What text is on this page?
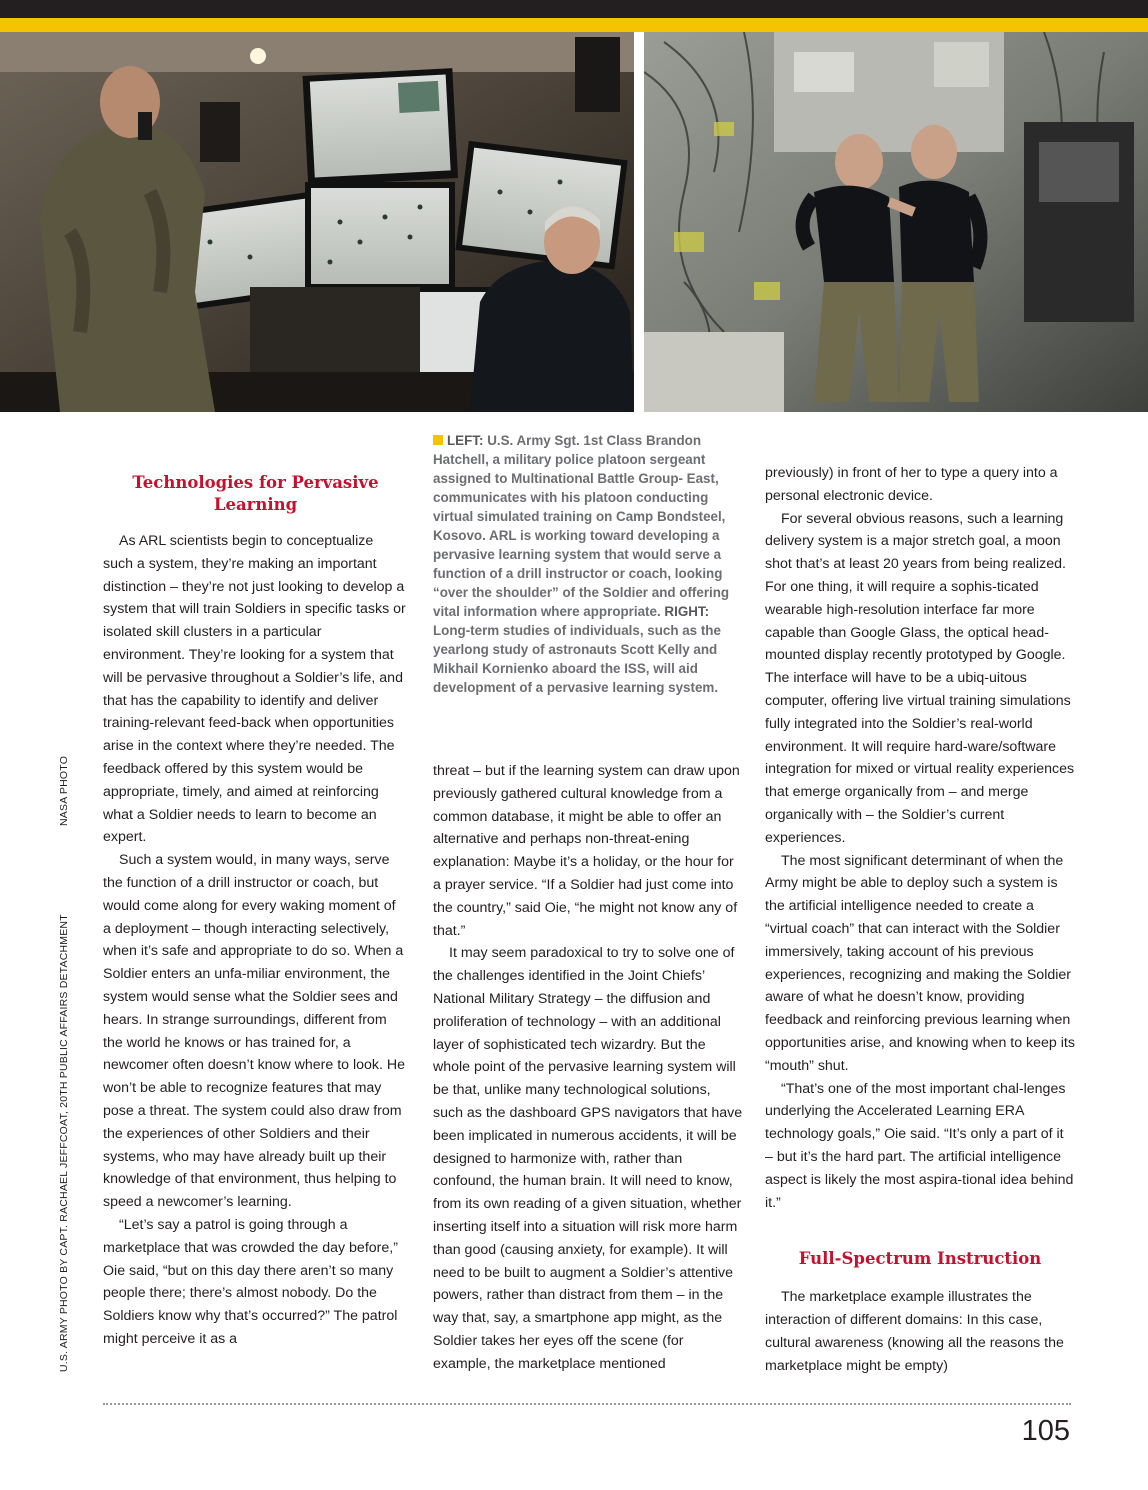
NASA PHOTO
U.S. ARMY PHOTO BY CAPT. RACHAEL JEFFCOAT, 20TH PUBLIC AFFAIRS DETACHMENT
Technologies for Pervasive Learning
LEFT: U.S. Army Sgt. 1st Class Brandon Hatchell, a military police platoon sergeant assigned to Multinational Battle Group- East, communicates with his platoon conducting virtual simulated training on Camp Bondsteel, Kosovo. ARL is working toward developing a pervasive learning system that would serve a function of a drill instructor or coach, looking “over the shoulder” of the Soldier and offering vital information where appropriate. RIGHT: Long-term studies of individuals, such as the yearlong study of astronauts Scott Kelly and Mikhail Kornienko aboard the ISS, will aid development of a pervasive learning system.

As ARL scientists begin to conceptualize such a system, they’re making an important distinction – they’re not just looking to develop a system that will train Soldiers in specific tasks or isolated skill clusters in a particular environment. They’re looking for a system that will be pervasive throughout a Soldier’s life, and that has the capability to identify and deliver training-relevant feed-back when opportunities arise in the context where they’re needed. The feedback offered by this system would be appropriate, timely, and aimed at reinforcing what a Soldier needs to learn to become an expert.

Such a system would, in many ways, serve the function of a drill instructor or coach, but would come along for every waking moment of a deployment – though interacting selectively, when it’s safe and appropriate to do so. When a Soldier enters an unfa-miliar environment, the system would sense what the Soldier sees and hears. In strange surroundings, different from the world he knows or has trained for, a newcomer often doesn’t know where to look. He won’t be able to recognize features that may pose a threat. The system could also draw from the experiences of other Soldiers and their systems, who may have already built up their knowledge of that environment, thus helping to speed a newcomer’s learning.

“Let’s say a patrol is going through a marketplace that was crowded the day before,” Oie said, “but on this day there aren’t so many people there; there’s almost nobody. Do the Soldiers know why that’s occurred?” The patrol might perceive it as a

threat – but if the learning system can draw upon previously gathered cultural knowledge from a common database, it might be able to offer an alternative and perhaps non-threat-ening explanation: Maybe it’s a holiday, or the hour for a prayer service. “If a Soldier had just come into the country,” said Oie, “he might not know any of that.”

It may seem paradoxical to try to solve one of the challenges identified in the Joint Chiefs’ National Military Strategy – the diffusion and proliferation of technology – with an additional layer of sophisticated tech wizardry. But the whole point of the pervasive learning system will be that, unlike many technological solutions, such as the dashboard GPS navigators that have been implicated in numerous accidents, it will be designed to harmonize with, rather than confound, the human brain. It will need to know, from its own reading of a given situation, whether inserting itself into a situation will risk more harm than good (causing anxiety, for example). It will need to be built to augment a Soldier’s attentive powers, rather than distract from them – in the way that, say, a smartphone app might, as the Soldier takes her eyes off the scene (for example, the marketplace mentioned

previously) in front of her to type a query into a personal electronic device.

For several obvious reasons, such a learning delivery system is a major stretch goal, a moon shot that’s at least 20 years from being realized. For one thing, it will require a sophis-ticated wearable high-resolution interface far more capable than Google Glass, the optical head-mounted display recently prototyped by Google. The interface will have to be a ubiq-uitous computer, offering live virtual training simulations fully integrated into the Soldier’s real-world environment. It will require hard-ware/software integration for mixed or virtual reality experiences that emerge organically from – and merge organically with – the Soldier’s current experiences.

The most significant determinant of when the Army might be able to deploy such a system is the artificial intelligence needed to create a “virtual coach” that can interact with the Soldier immersively, taking account of his previous experiences, recognizing and making the Soldier aware of what he doesn’t know, providing feedback and reinforcing previous learning when opportunities arise, and knowing when to keep its “mouth” shut.

“That’s one of the most important chal-lenges underlying the Accelerated Learning ERA technology goals,” Oie said. “It’s only a part of it – but it’s the hard part. The artificial intelligence aspect is likely the most aspira-tional idea behind it.”

Full-Spectrum Instruction

The marketplace example illustrates the interaction of different domains: In this case, cultural awareness (knowing all the reasons the marketplace might be empty)

105
